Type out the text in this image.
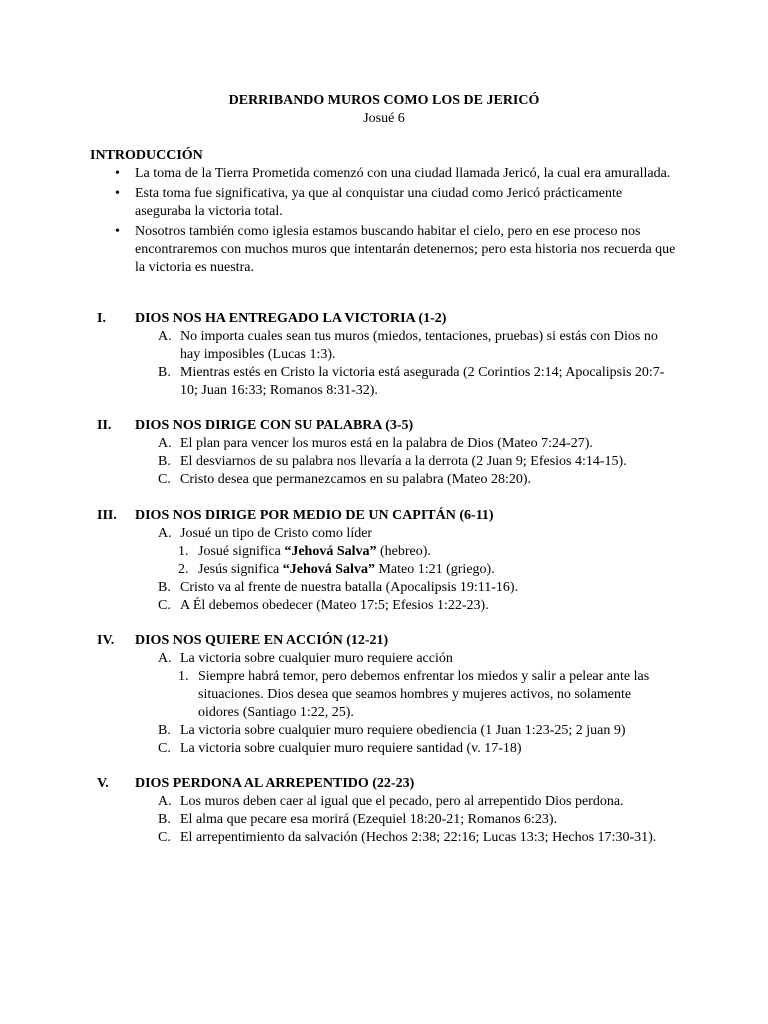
DERRIBANDO MUROS COMO LOS DE JERICÓ
Josué 6
INTRODUCCIÓN
• La toma de la Tierra Prometida comenzó con una ciudad llamada Jericó, la cual era amurallada.
• Esta toma fue significativa, ya que al conquistar una ciudad como Jericó prácticamente aseguraba la victoria total.
• Nosotros también como iglesia estamos buscando habitar el cielo, pero en ese proceso nos encontraremos con muchos muros que intentarán detenernos; pero esta historia nos recuerda que la victoria es nuestra.
I. DIOS NOS HA ENTREGADO LA VICTORIA (1-2)
A. No importa cuales sean tus muros (miedos, tentaciones, pruebas) si estás con Dios no hay imposibles (Lucas 1:3).
B. Mientras estés en Cristo la victoria está asegurada (2 Corintios 2:14; Apocalipsis 20:7-10; Juan 16:33; Romanos 8:31-32).
II. DIOS NOS DIRIGE CON SU PALABRA (3-5)
A. El plan para vencer los muros está en la palabra de Dios (Mateo 7:24-27).
B. El desviarnos de su palabra nos llevaría a la derrota (2 Juan 9; Efesios 4:14-15).
C. Cristo desea que permanezcamos en su palabra (Mateo 28:20).
III. DIOS NOS DIRIGE POR MEDIO DE UN CAPITÁN (6-11)
A. Josué un tipo de Cristo como líder
1. Josué significa “Jehová Salva” (hebreo).
2. Jesús significa “Jehová Salva” Mateo 1:21 (griego).
B. Cristo va al frente de nuestra batalla (Apocalipsis 19:11-16).
C. A Él debemos obedecer (Mateo 17:5; Efesios 1:22-23).
IV. DIOS NOS QUIERE EN ACCIÓN (12-21)
A. La victoria sobre cualquier muro requiere acción
1. Siempre habrá temor, pero debemos enfrentar los miedos y salir a pelear ante las situaciones. Dios desea que seamos hombres y mujeres activos, no solamente oidores (Santiago 1:22, 25).
B. La victoria sobre cualquier muro requiere obediencia (1 Juan 1:23-25; 2 juan 9)
C. La victoria sobre cualquier muro requiere santidad (v. 17-18)
V. DIOS PERDONA AL ARREPENTIDO (22-23)
A. Los muros deben caer al igual que el pecado, pero al arrepentido Dios perdona.
B. El alma que pecare esa morirá (Ezequiel 18:20-21; Romanos 6:23).
C. El arrepentimiento da salvación (Hechos 2:38; 22:16; Lucas 13:3; Hechos 17:30-31).
